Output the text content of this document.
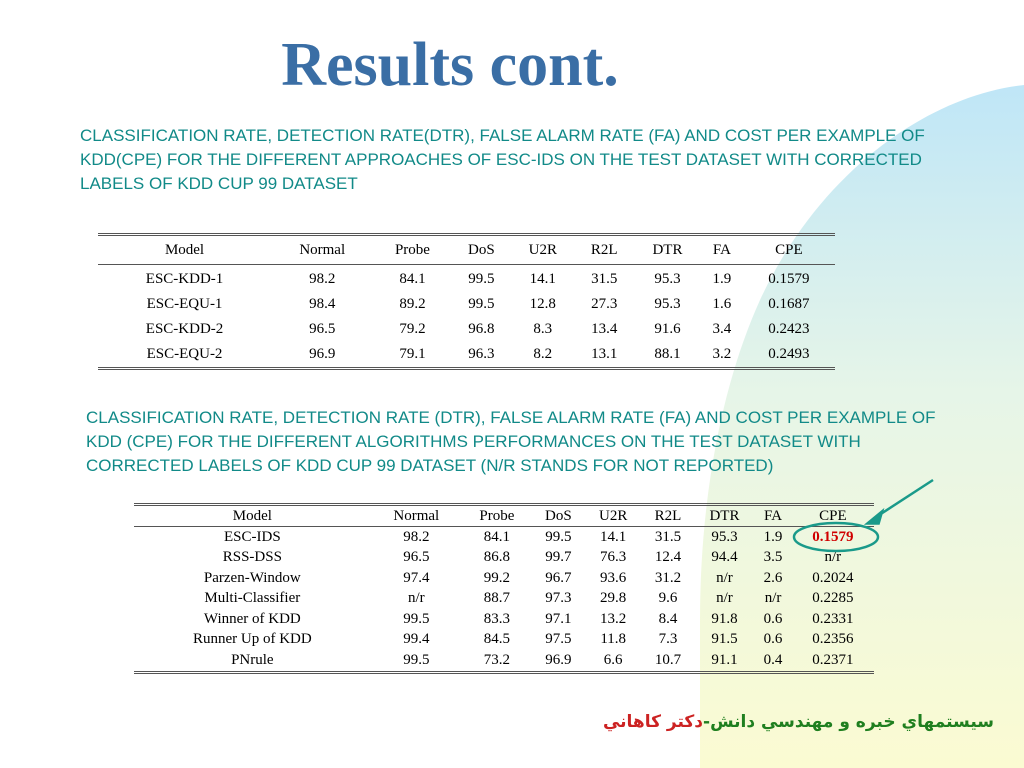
Results cont.
CLASSIFICATION RATE, DETECTION RATE(DTR), FALSE ALARM RATE (FA) AND COST PER EXAMPLE OF KDD(CPE) FOR THE DIFFERENT APPROACHES OF ESC-IDS ON THE TEST DATASET WITH CORRECTED LABELS OF KDD CUP 99 DATASET
Model	Normal	Probe	DoS	U2R	R2L	DTR	FA	CPE
ESC-KDD-1	98.2	84.1	99.5	14.1	31.5	95.3	1.9	0.1579
ESC-EQU-1	98.4	89.2	99.5	12.8	27.3	95.3	1.6	0.1687
ESC-KDD-2	96.5	79.2	96.8	8.3	13.4	91.6	3.4	0.2423
ESC-EQU-2	96.9	79.1	96.3	8.2	13.1	88.1	3.2	0.2493
CLASSIFICATION RATE, DETECTION RATE (DTR), FALSE ALARM RATE (FA) AND COST PER EXAMPLE OF KDD (CPE) FOR THE DIFFERENT ALGORITHMS PERFORMANCES ON THE TEST DATASET WITH CORRECTED LABELS OF KDD CUP 99 DATASET (N/R STANDS FOR NOT REPORTED)
Model	Normal	Probe	DoS	U2R	R2L	DTR	FA	CPE
ESC-IDS	98.2	84.1	99.5	14.1	31.5	95.3	1.9	0.1579
RSS-DSS	96.5	86.8	99.7	76.3	12.4	94.4	3.5	n/r
Parzen-Window	97.4	99.2	96.7	93.6	31.2	n/r	2.6	0.2024
Multi-Classifier	n/r	88.7	97.3	29.8	9.6	n/r	n/r	0.2285
Winner of KDD	99.5	83.3	97.1	13.2	8.4	91.8	0.6	0.2331
Runner Up of KDD	99.4	84.5	97.5	11.8	7.3	91.5	0.6	0.2356
PNrule	99.5	73.2	96.9	6.6	10.7	91.1	0.4	0.2371
سيستمهاي خبره و مهندسي دانش-دكتر كاهاني
